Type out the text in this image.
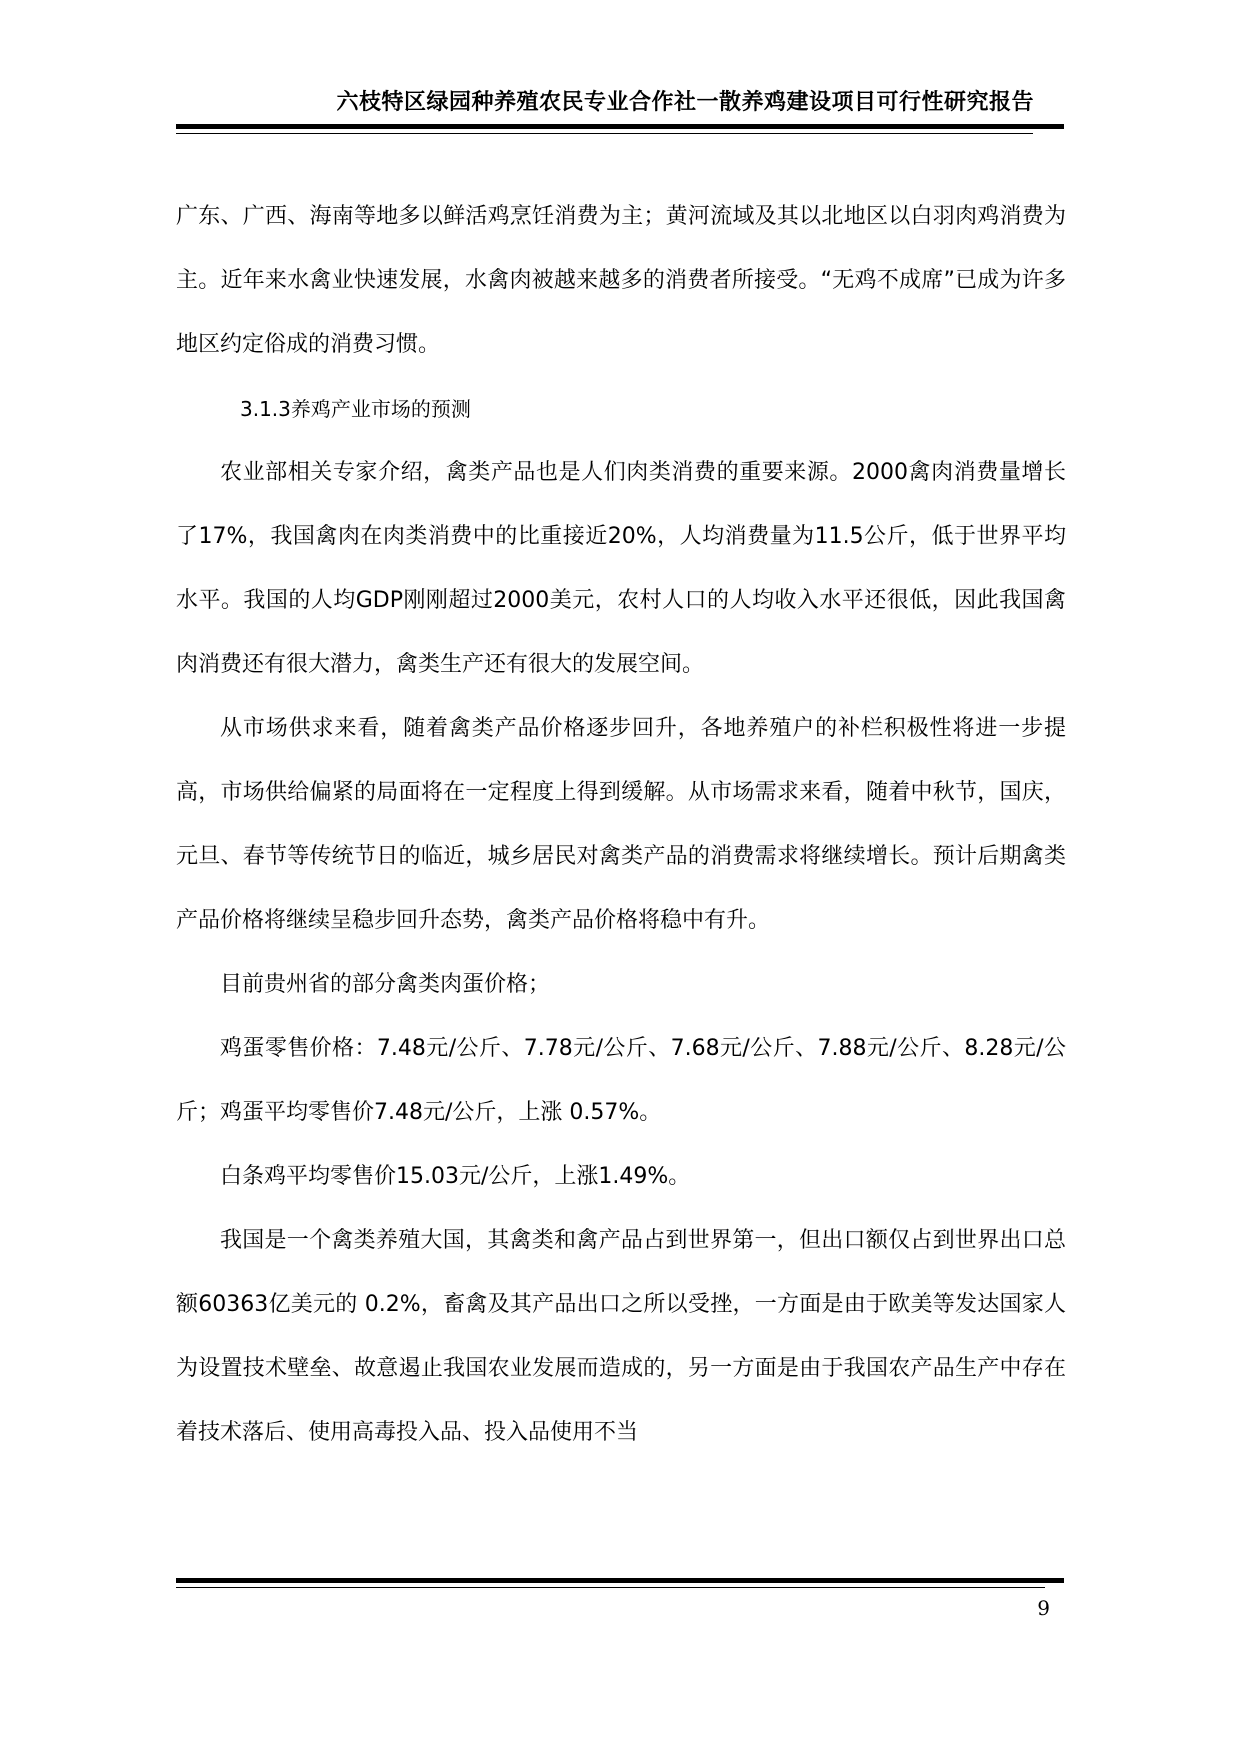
六枝特区绿园种养殖农民专业合作社一散养鸡建设项目可行性研究报告

广东、广西、海南等地多以鲜活鸡烹饪消费为主；黄河流域及其以北地区以白羽肉鸡消费为主。近年来水禽业快速发展，水禽肉被越来越多的消费者所接受。“无鸡不成席”已成为许多地区约定俗成的消费习惯。

3.1.3养鸡产业市场的预测

农业部相关专家介绍，禽类产品也是人们肉类消费的重要来源。2000禽肉消费量增长了17%，我国禽肉在肉类消费中的比重接近20%，人均消费量为11.5公斤，低于世界平均水平。我国的人均GDP刚刚超过2000美元，农村人口的人均收入水平还很低，因此我国禽肉消费还有很大潜力，禽类生产还有很大的发展空间。

从市场供求来看，随着禽类产品价格逐步回升，各地养殖户的补栏积极性将进一步提高，市场供给偏紧的局面将在一定程度上得到缓解。从市场需求来看，随着中秋节，国庆，元旦、春节等传统节日的临近，城乡居民对禽类产品的消费需求将继续增长。预计后期禽类产品价格将继续呈稳步回升态势，禽类产品价格将稳中有升。

目前贵州省的部分禽类肉蛋价格；

鸡蛋零售价格：7.48元/公斤、7.78元/公斤、7.68元/公斤、7.88元/公斤、8.28元/公斤；鸡蛋平均零售价7.48元/公斤，上涨 0.57%。

白条鸡平均零售价15.03元/公斤，上涨1.49%。

我国是一个禽类养殖大国，其禽类和禽产品占到世界第一，但出口额仅占到世界出口总额60363亿美元的 0.2%，畜禽及其产品出口之所以受挫，一方面是由于欧美等发达国家人为设置技术壁垒、故意遏止我国农业发展而造成的，另一方面是由于我国农产品生产中存在着技术落后、使用高毒投入品、投入品使用不当

9
